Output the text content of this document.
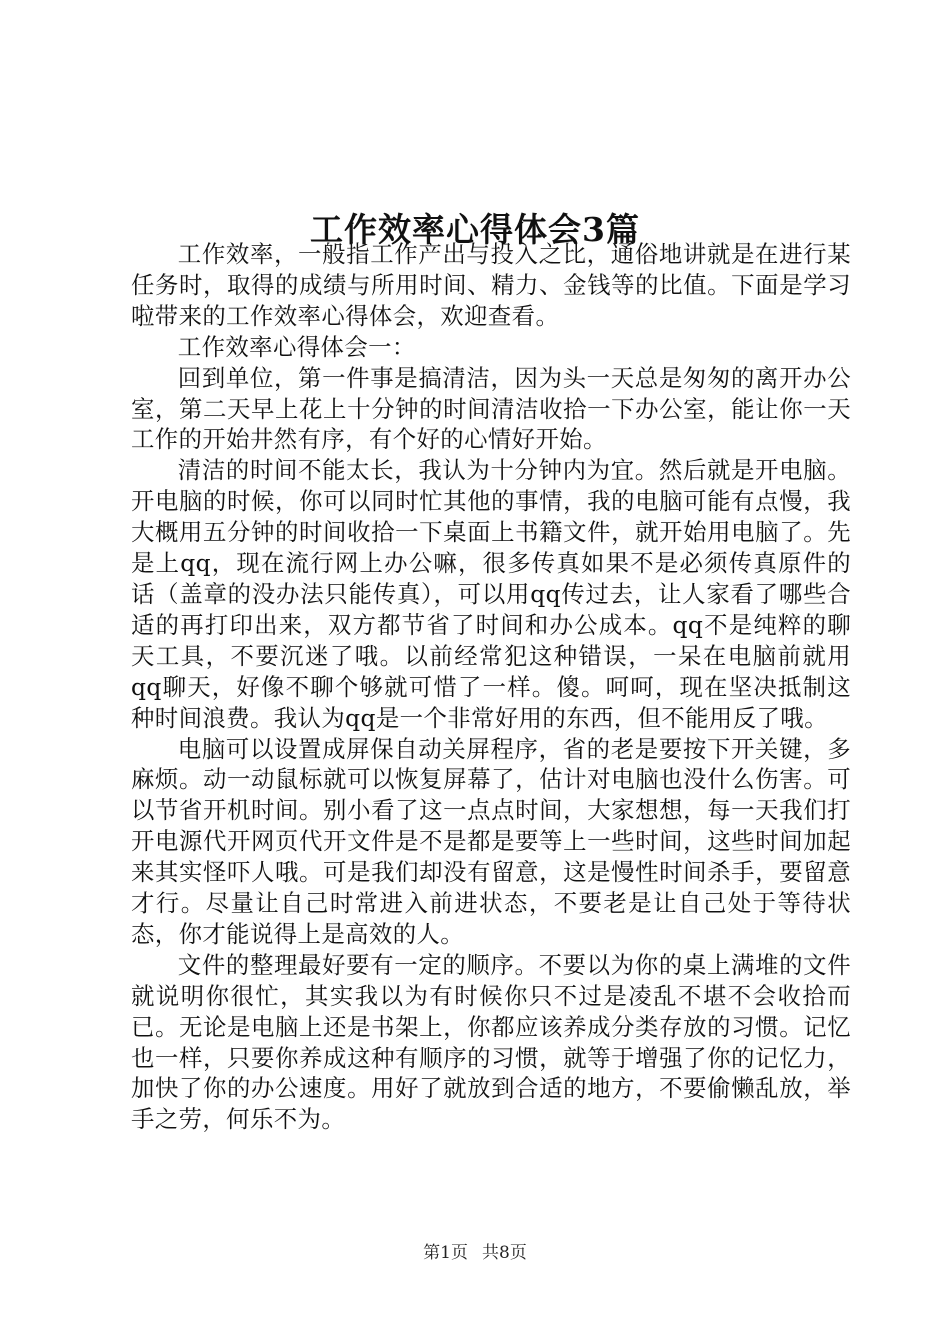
工作效率心得体会3篇

工作效率，一般指工作产出与投入之比，通俗地讲就是在进行某任务时，取得的成绩与所用时间、精力、金钱等的比值。下面是学习啦带来的工作效率心得体会，欢迎查看。

工作效率心得体会一：

回到单位，第一件事是搞清洁，因为头一天总是匆匆的离开办公室，第二天早上花上十分钟的时间清洁收拾一下办公室，能让你一天工作的开始井然有序，有个好的心情好开始。

清洁的时间不能太长，我认为十分钟内为宜。然后就是开电脑。开电脑的时候，你可以同时忙其他的事情，我的电脑可能有点慢，我大概用五分钟的时间收拾一下桌面上书籍文件，就开始用电脑了。先是上qq，现在流行网上办公嘛，很多传真如果不是必须传真原件的话（盖章的没办法只能传真），可以用qq传过去，让人家看了哪些合适的再打印出来，双方都节省了时间和办公成本。qq不是纯粹的聊天工具，不要沉迷了哦。以前经常犯这种错误，一呆在电脑前就用qq聊天，好像不聊个够就可惜了一样。傻。呵呵，现在坚决抵制这种时间浪费。我认为qq是一个非常好用的东西，但不能用反了哦。

电脑可以设置成屏保自动关屏程序，省的老是要按下开关键，多麻烦。动一动鼠标就可以恢复屏幕了，估计对电脑也没什么伤害。可以节省开机时间。别小看了这一点点时间，大家想想，每一天我们打开电源代开网页代开文件是不是都是要等上一些时间，这些时间加起来其实怪吓人哦。可是我们却没有留意，这是慢性时间杀手，要留意才行。尽量让自己时常进入前进状态，不要老是让自己处于等待状态，你才能说得上是高效的人。

文件的整理最好要有一定的顺序。不要以为你的桌上满堆的文件就说明你很忙，其实我以为有时候你只不过是凌乱不堪不会收拾而已。无论是电脑上还是书架上，你都应该养成分类存放的习惯。记忆也一样，只要你养成这种有顺序的习惯，就等于增强了你的记忆力，加快了你的办公速度。用好了就放到合适的地方，不要偷懒乱放，举手之劳，何乐不为。

第1页 共8页
